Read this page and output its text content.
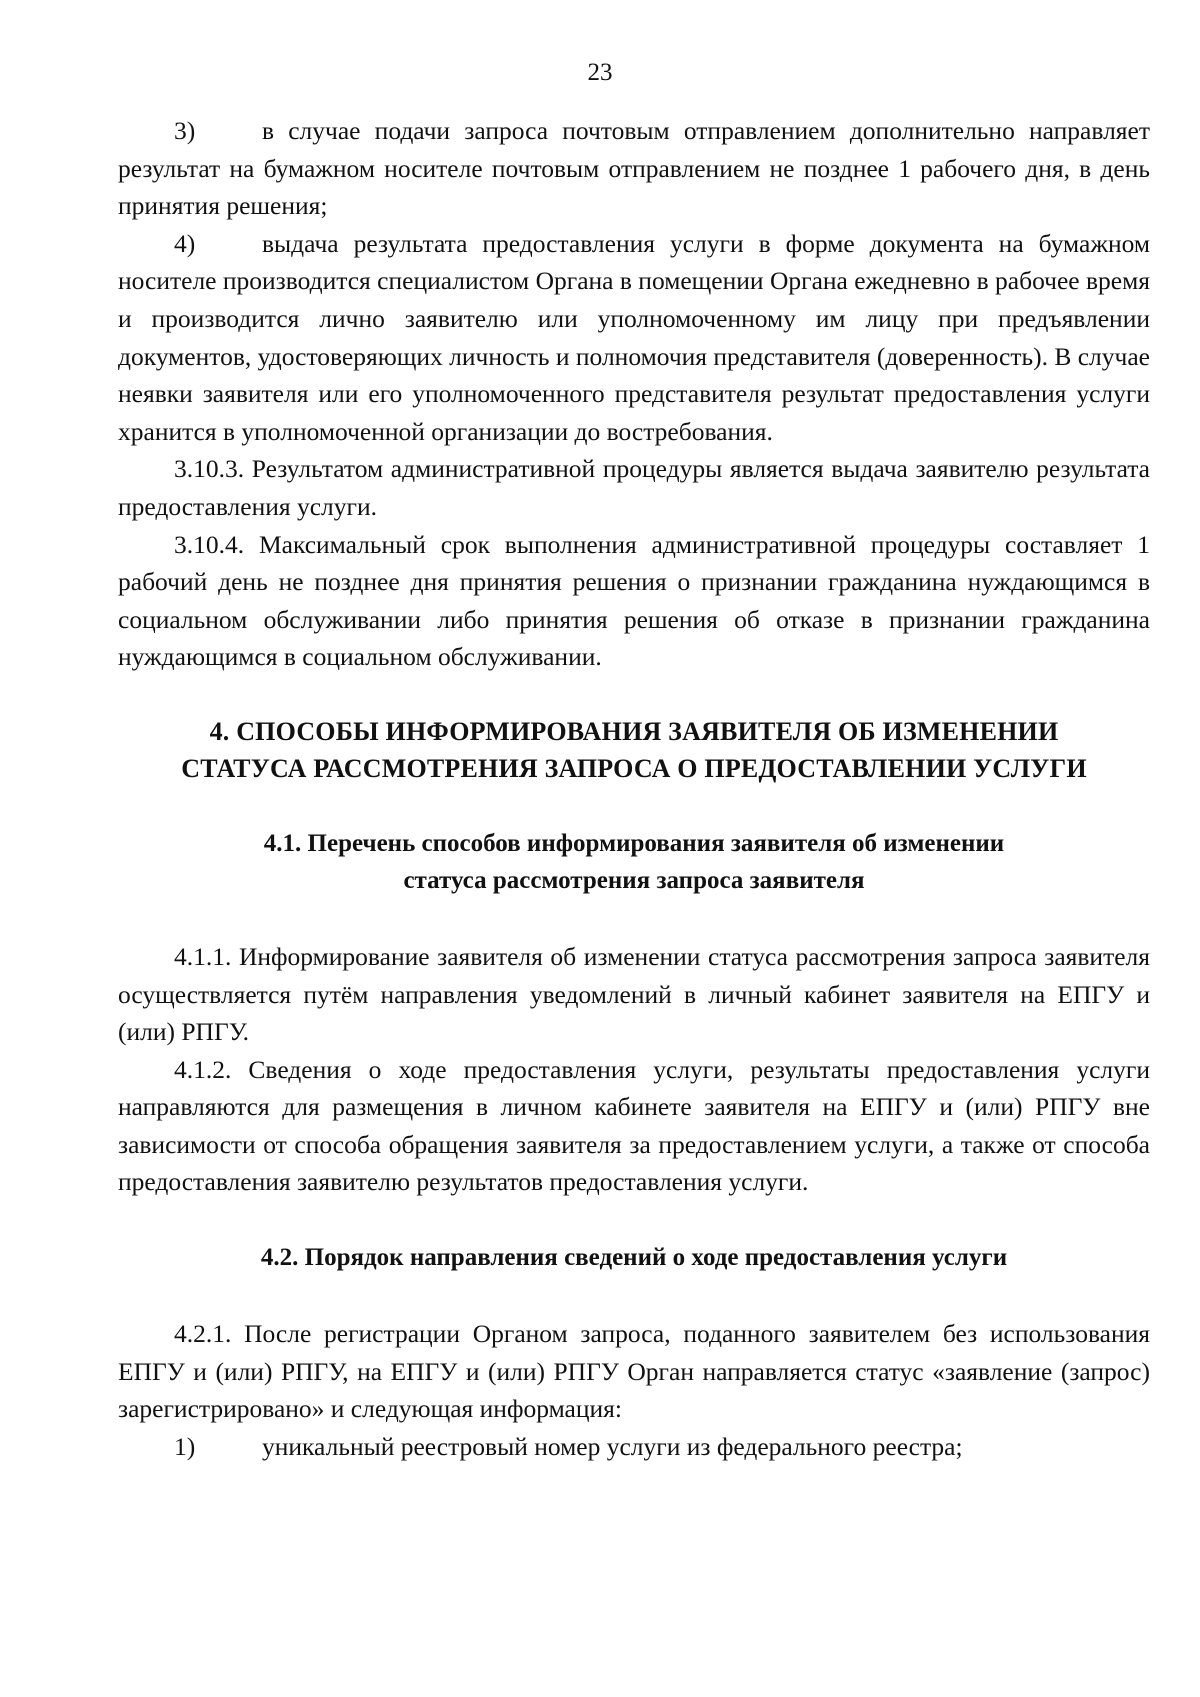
23

3)	в случае подачи запроса почтовым отправлением дополнительно направляет результат на бумажном носителе почтовым отправлением не позднее 1 рабочего дня, в день принятия решения;

4)	выдача результата предоставления услуги в форме документа на бумажном носителе производится специалистом Органа в помещении Органа ежедневно в рабочее время и производится лично заявителю или уполномоченному им лицу при предъявлении документов, удостоверяющих личность и полномочия представителя (доверенность). В случае неявки заявителя или его уполномоченного представителя результат предоставления услуги хранится в уполномоченной организации до востребования.

3.10.3. Результатом административной процедуры является выдача заявителю результата предоставления услуги.

3.10.4. Максимальный срок выполнения административной процедуры составляет 1 рабочий день не позднее дня принятия решения о признании гражданина нуждающимся в социальном обслуживании либо принятия решения об отказе в признании гражданина нуждающимся в социальном обслуживании.

4. СПОСОБЫ ИНФОРМИРОВАНИЯ ЗАЯВИТЕЛЯ ОБ ИЗМЕНЕНИИ
СТАТУСА РАССМОТРЕНИЯ ЗАПРОСА О ПРЕДОСТАВЛЕНИИ УСЛУГИ
4.1. Перечень способов информирования заявителя об изменении
статуса рассмотрения запроса заявителя

4.1.1. Информирование заявителя об изменении статуса рассмотрения запроса заявителя осуществляется путём направления уведомлений в личный кабинет заявителя на ЕПГУ и (или) РПГУ.

4.1.2. Сведения о ходе предоставления услуги, результаты предоставления услуги направляются для размещения в личном кабинете заявителя на ЕПГУ и (или) РПГУ вне зависимости от способа обращения заявителя за предоставлением услуги, а также от способа предоставления заявителю результатов предоставления услуги.

4.2. Порядок направления сведений о ходе предоставления услуги

4.2.1. После регистрации Органом запроса, поданного заявителем без использования ЕПГУ и (или) РПГУ, на ЕПГУ и (или) РПГУ Орган направляется статус «заявление (запрос) зарегистрировано» и следующая информация:

1)	уникальный реестровый номер услуги из федерального реестра;
